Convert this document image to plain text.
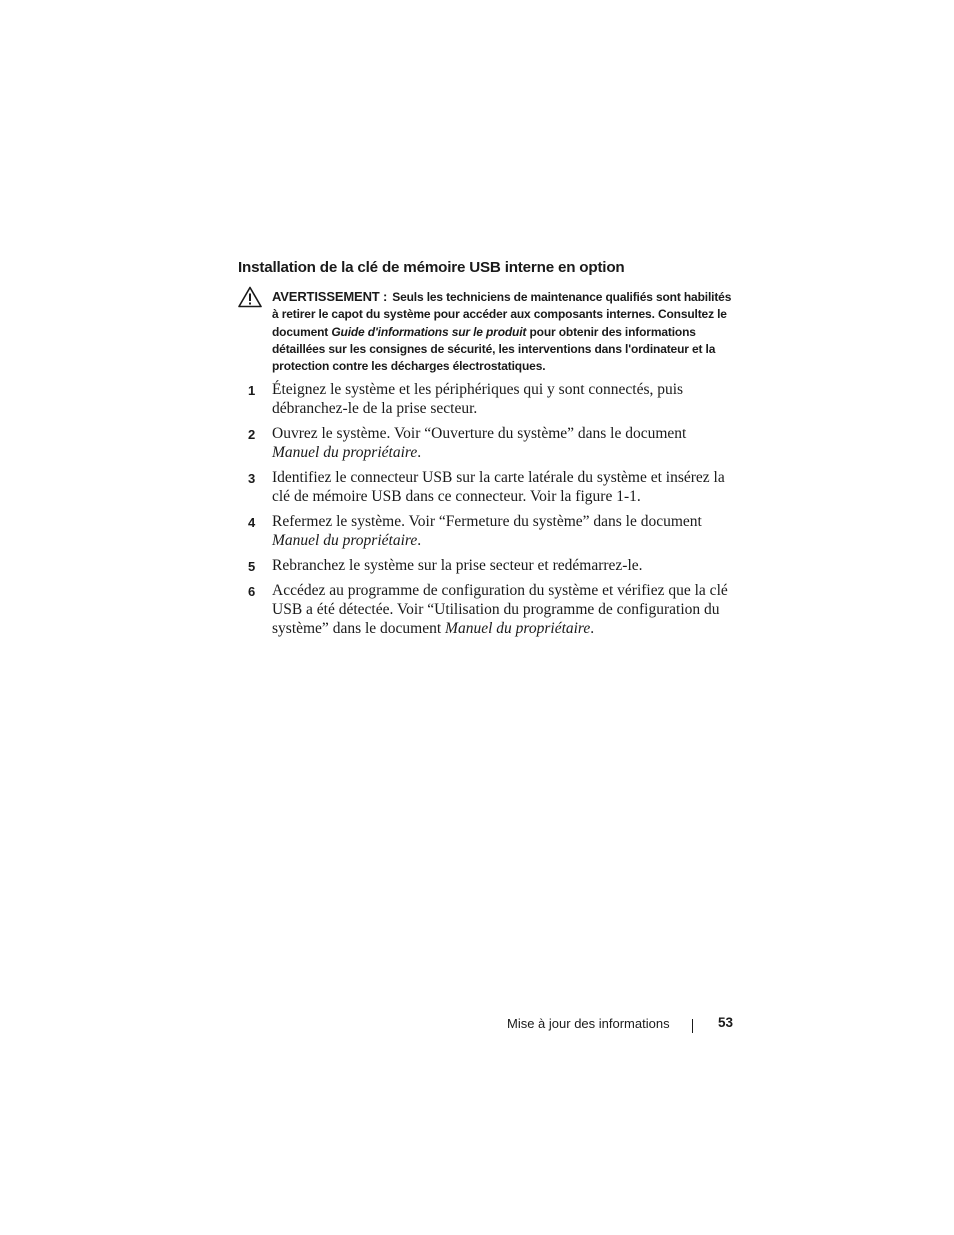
Installation de la clé de mémoire USB interne en option
AVERTISSEMENT : Seuls les techniciens de maintenance qualifiés sont habilités à retirer le capot du système pour accéder aux composants internes. Consultez le document Guide d'informations sur le produit pour obtenir des informations détaillées sur les consignes de sécurité, les interventions dans l'ordinateur et la protection contre les décharges électrostatiques.
1 Éteignez le système et les périphériques qui y sont connectés, puis débranchez-le de la prise secteur.
2 Ouvrez le système. Voir “Ouverture du système” dans le document
Manuel du propriétaire.
3 Identifiez le connecteur USB sur la carte latérale du système et insérez la clé de mémoire USB dans ce connecteur. Voir la figure 1-1.
4 Refermez le système. Voir “Fermeture du système” dans le document
Manuel du propriétaire.
5 Rebranchez le système sur la prise secteur et redémarrez-le.
6 Accédez au programme de configuration du système et vérifiez que la clé USB a été détectée. Voir “Utilisation du programme de configuration du système” dans le document Manuel du propriétaire.
Mise à jour des informations	53
